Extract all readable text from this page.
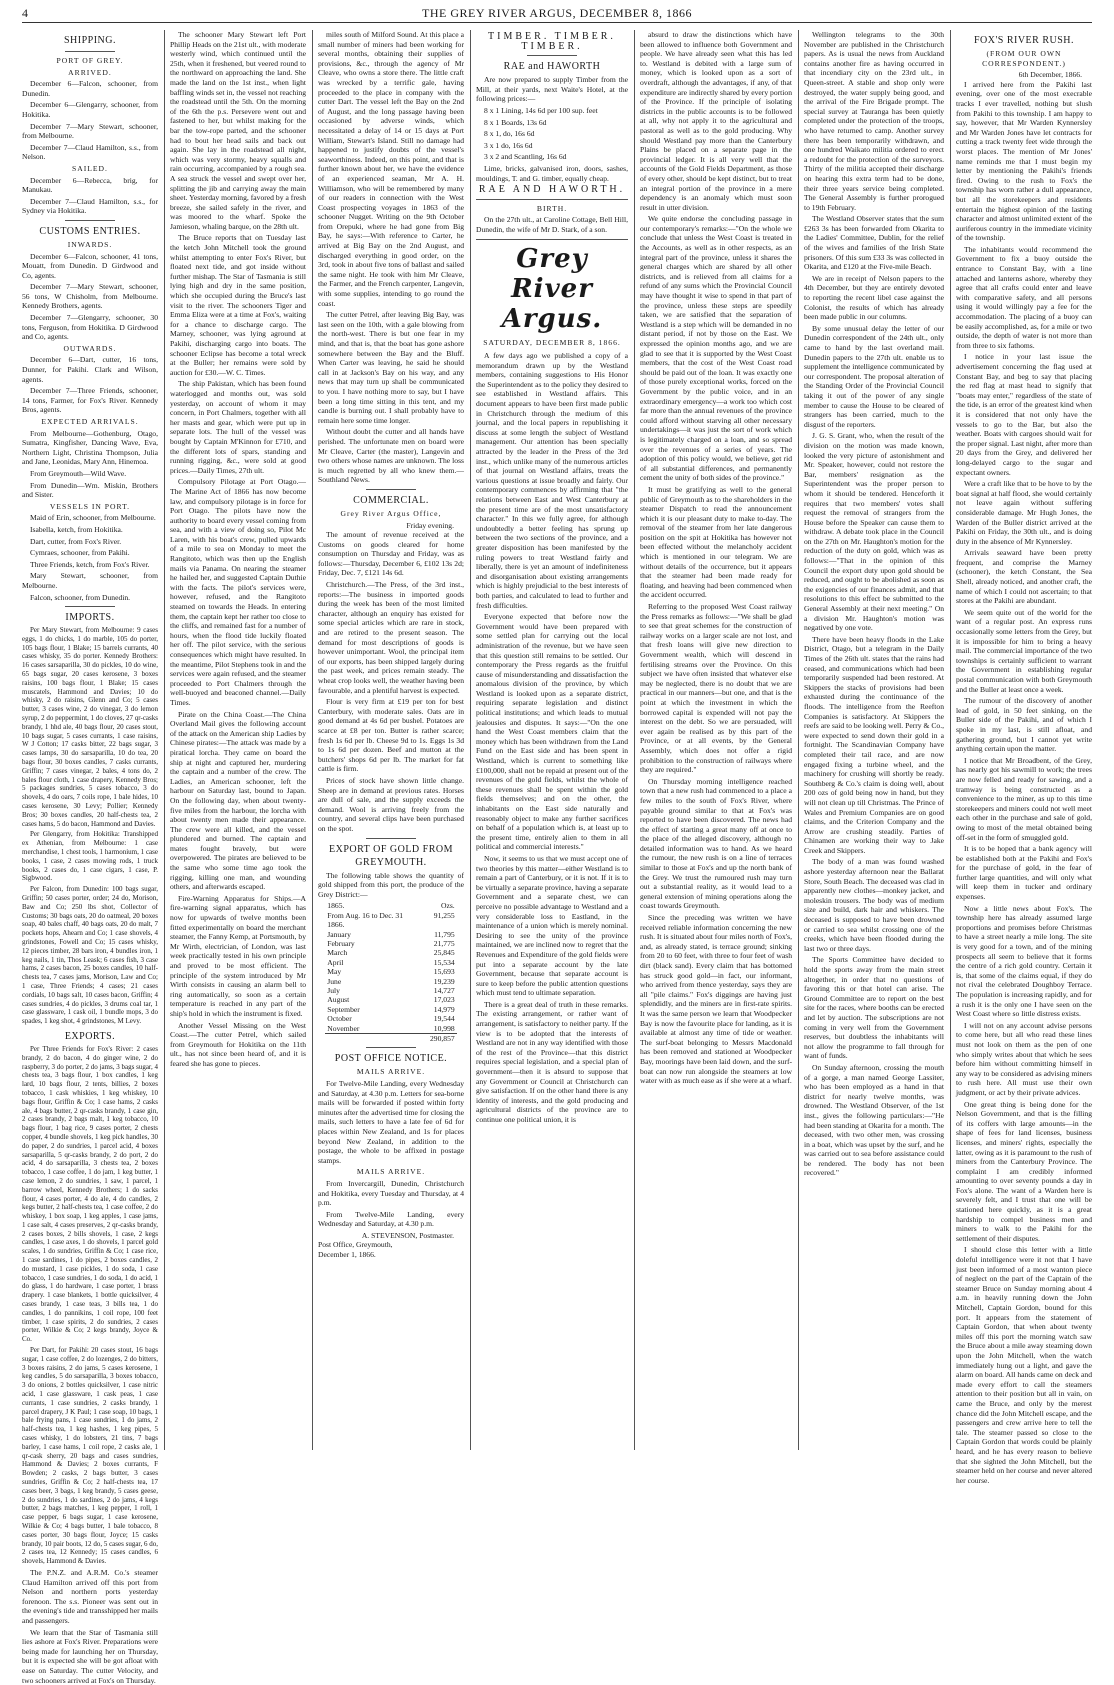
4	THE GREY RIVER ARGUS, DECEMBER 8, 1866
SHIPPING.
PORT OF GREY.
ARRIVED.

December 6—Falcon, schooner, from Dunedin.

December 6—Glengarry, schooner, from Hokitika.

December 7—Mary Stewart, schooner, from Melbourne.

December 7—Claud Hamilton, s.s., from Nelson.

SAILED.

December 6—Rebecca, brig, for Manukau.

December 7—Claud Hamilton, s.s., for Sydney via Hokitika.

CUSTOMS ENTRIES.
INWARDS.

December 6—Falcon, schooner, 41 tons, Mouatt, from Dunedin. D Girdwood and Co, agents.

December 7—Mary Stewart, schooner, 56 tons, W Chisholm, from Melbourne. Kennedy Brothers, agents.

December 7—Glengarry, schooner, 30 tons, Ferguson, from Hokitika. D Girdwood and Co, agents.

OUTWARDS.

December 6—Dart, cutter, 16 tons, Dunner, for Pakihi. Clark and Wilson, agents.

December 7—Three Friends, schooner, 14 tons, Farmer, for Fox's River. Kennedy Bros, agents.

EXPECTED ARRIVALS.

From Melbourne—Gothenburg, Otago, Sumatra, Kingfisher, Dancing Wave, Eva, Northern Light, Christina Thompson, Julia and Jane, Leonidas, Mary Ann, Hinemoa.

From Greymouth—Wild Wave.

From Dunedin—Wm. Miskin, Brothers and Sister.

VESSELS IN PORT.

Maid of Erin, schooner, from Melbourne.

Isabella, ketch, from Hokitika.

Dart, cutter, from Fox's River.

Cymraes, schooner, from Pakihi.

Three Friends, ketch, from Fox's River.

Mary Stewart, schooner, from Melbourne.

Falcon, schooner, from Dunedin.

IMPORTS.

Per Mary Stewart, from Melbourne: 9 cases eggs, 1 do chicks, 1 do marble, 105 do porter, 105 bags flour, 1 Blake; 15 barrels currants, 40 cases whisky, 35 do porter. Kennedy Brothers: 16 cases sarsaparilla, 30 do pickles, 10 do wine, 65 bags sugar, 20 cases kerosene, 3 boxes raisins, 100 bags flour, 1 Blake; 15 cases muscatels, Hammond and Davies; 10 do whisky, 2 do raisins, Glenn and Co; 5 cases butter, 3 cases wine, 2 do vinegar, 3 do lemon syrup, 2 do peppermint, 1 do cloves, 27 qr-casks brandy, 1 hhd ale, 40 bags flour, 20 cases stout, 10 bags sugar, 5 cases currants, 1 case raisins, W J Cotton; 17 casks bitter, 22 bags sugar, 3 cases lamps, 30 do sarsaparilla, 10 do tea, 20 bags flour, 30 boxes candles, 7 casks currants, Griffin; 7 cases vinegar, 2 bales, 4 tons do, 2 bales flour cloth, 1 case drapery, Kennedy Bros; 5 packages sundries, 5 cases tobacco, 3 do shovels, 4 do oars, 7 coils rope, 1 bale hides, 10 cases kerosene, 30 Levy; Pollier; Kennedy Bros; 30 boxes candles, 20 half-chests tea, 2 cases hams, 5 do bacon, Hammond and Davies.

Per Glengarry, from Hokitika: Transhipped ex Athenian, from Melbourne: 1 case merchandise, 1 chest tools, 1 harmonium, 1 case books, 1 case, 2 cases mowing rods, 1 truck books, 2 cases do, 1 case cigars, 1 case, P. Sigbwood.

Per Falcon, from Dunedin: 100 bags sugar, Griffin; 50 cases porter, order; 24 do, Morison, Baw and Co; 250 lbs shot, Collector of Customs; 30 bags oats, 20 do oatmeal, 20 boxes soap, 40 bales chaff, 40 bags oats, 20 do malt, 7 pockets hops, Ahearn and Co; 1 case shovels, 4 grindstones, Fowell and Co; 15 cases whisky, 12 pieces timber, 28 bars iron, 4 bundles iron, 1 keg nails, 1 tin, Thos Leask; 6 cases fish, 3 case hams, 2 cases bacon, 25 boxes candles, 10 half-chests tea, 7 cases jams, Morison, Law and Co; 1 case, Three Friends; 4 cases; 21 cases cordials, 10 bags salt, 10 cases bacon, Griffin; 4 cases sundries, 4 do pickles, 3 drums coal tar, 1 case glassware, 1 cask oil, 1 bundle mops, 3 do spades, 1 keg shot, 4 grindstones, M Levy.

EXPORTS.

Per Three Friends for Fox's River: 2 cases brandy, 2 do bacon, 4 do ginger wine, 2 do raspberry, 3 do porter, 2 do jams, 3 bags sugar, 4 chests tea, 3 bags flour, 1 box candles, 1 keg lard, 10 bags flour, 2 tents, billies, 2 boxes tobacco, 1 cask whiskies, 1 keg whiskey, 10 bags flour, Griffin & Co; 1 case hams, 2 casks ale, 4 bags butter, 2 qr-casks brandy, 1 case gin, 2 cases brandy, 2 bags malt, 1 keg tobacco, 10 bags flour, 1 bag rice, 9 cases porter, 2 chests copper, 4 bundle shovels, 1 keg pick handles, 30 do paper, 2 do sundries, 1 parcel acid, 4 boxes sarsaparilla, 5 qr-casks brandy, 2 do port, 2 do acid, 4 do sarsaparilla, 3 chests tea, 2 boxes tobacco, 1 case coffee, 1 do jam, 1 keg butter, 1 case lemon, 2 do sundries, 1 saw, 1 parcel, 1 barrow wheel, Kennedy Brothers; 1 do sacks flour, 4 cases porter, 4 do ale, 4 do candles, 2 kegs butter, 2 half-chests tea, 1 case coffee, 2 do whiskey, 1 box soap, 1 keg apples, 1 case jams, 1 case salt, 4 cases preserves, 2 qr-casks brandy, 2 cases boxes, 2 bills shovels, 1 case, 2 kegs candles, 1 case axes, 1 do shovels, 1 parcel gold scales, 1 do sundries, Griffin & Co; 1 case rice, 1 case sardines, 1 do pipes, 2 boxes candles, 2 do mustard, 1 case pickles, 1 do soda, 1 case tobacco, 1 case sundries, 1 do soda, 1 do acid, 1 do glass, 1 do hardware, 1 case porter, 1 brass drapery. 1 case blankets, 1 bottle quicksilver, 4 cases brandy, 1 case teas, 3 bills tea, 1 do candles, 1 do pannikins, 1 coil rope, 100 feet timber, 1 case spirits, 2 do sundries, 2 cases porter, Wilkie & Co; 2 kegs brandy, Joyce & Co.

Per Dart, for Pakihi: 20 cases stout, 16 bags sugar, 1 case coffee, 2 do lozenges, 2 do bitters, 3 boxes raisins, 2 do jams, 5 cases kerosene, 1 keg candles, 5 do sarsaparilla, 3 boxes tobacco, 3 do onions, 2 bottles quicksilver, 1 case nitric acid, 1 case glassware, 1 cask peas, 1 case currants, 1 case sundries, 2 casks brandy, 1 parcel drapery, J K Paul; 1 case soap, 10 bags, 1 bale frying pans, 1 case sundries, 1 do jams, 2 half-chests tea, 1 keg hashes, 1 keg pipes, 5 cases whisky, 1 do lobsters, 21 tins, 7 bags barley, 1 case hams, 1 coil rope, 2 casks ale, 1 qr-cask sherry, 20 bags and cases sundries, Hammond & Davies; 2 boxes currants, F Bowden; 2 casks, 2 bags butter, 3 cases sundries, Griffin & Co; 2 half-chests tea, 17 cases beer, 3 bags, 1 keg brandy, 5 cases geese, 2 do sundries, 1 do sardines, 2 do jams, 4 kegs butter, 2 bags matches, 1 keg pepper, 1 roll, 1 case pepper, 6 bags sugar, 1 case kerosene, Wilkie & Co; 4 bags butter, 1 bale tobacco, 8 cases porter, 30 bags flour, Joyce; 15 casks brandy, 10 pair boots, 12 do, 5 cases sugar, 6 do, 2 cases tea, 12 Kennedy; 15 cases candles, 6 shovels, Hammond & Davies.

The P.N.Z. and A.R.M. Co.'s steamer Claud Hamilton arrived off this port from Nelson and northern ports yesterday forenoon. The s.s. Pioneer was sent out in the evening's tide and transshipped her mails and passengers.

We learn that the Star of Tasmania still lies ashore at Fox's River. Preparations were being made for launching her on Thursday, but it is expected she will be got afloat with ease on Saturday. The cutter Velocity, and two schooners arrived at Fox's on Thursday.

The schooner Mary Stewart left Port Phillip Heads on the 21st ult., with moderate westerly wind, which continued until the 25th, when it freshened, but veered round to the northward on approaching the land. She made the land on the 1st inst., when light baffling winds set in, the vessel not reaching the roadstead until the 5th. On the morning of the 6th the p.s. Persevere went out and fastened to her, but whilst making for the bar the tow-rope parted, and the schooner had to bout her head sails and back out again. She lay in the roadstead all night, which was very stormy, heavy squalls and rain occurring, accompanied by a rough sea. A sea struck the vessel and swept over her, splitting the jib and carrying away the main sheet. Yesterday morning, favored by a fresh breeze, she sailed safely in the river, and was moored to the wharf. Spoke the Jamieson, whaling barque, on the 28th ult.

The Bruce reports that on Tuesday last the ketch John Mitchell took the ground whilst attempting to enter Fox's River, but floated next tide, and got inside without further mishap. The Star of Tasmania is still lying high and dry in the same position, which she occupied during the Bruce's last visit to the river. The schooners Tiger and Emma Eliza were at a time at Fox's, waiting for a chance to discharge cargo. The Marney, schooner, was lying aground at Pakihi, discharging cargo into boats. The schooner Eclipse has become a total wreck at the Buller; her remains were sold by auction for £30.—W. C. Times.

The ship Pakistan, which has been found waterlogged and months out, was sold yesterday, on account of whom it may concern, in Port Chalmers, together with all her masts and gear, which were put up in separate lots. The hull of the vessel was bought by Captain M'Kinnon for £710, and the different lots of spars, standing and running rigging, &c., were sold at good prices.—Daily Times, 27th ult.

Compulsory Pilotage at Port Otago.—The Marine Act of 1866 has now become law, and compulsory pilotage is in force for Port Otago. The pilots have now the authority to board every vessel coming from sea, and with a view of doing so, Pilot Mc Laren, with his boat's crew, pulled upwards of a mile to sea on Monday to meet the Rangitoto, which was then up the English mails via Panama. On nearing the steamer he hailed her, and suggested Captain Duthie with the facts. The pilot's services were, however, refused, and the Rangitoto steamed on towards the Heads. In entering them, the captain kept her rather too close to the cliffs, and remained fast for a number of hours, when the flood tide luckily floated her off. The pilot service, with the serious consequences which might have resulted. In the meantime, Pilot Stephens took in and the services were again refused, and the steamer proceeded to Port Chalmers through the well-buoyed and beaconed channel.—Daily Times.

Pirate on the China Coast.—The China Overland Mail gives the following account of the attack on the American ship Ladies by Chinese pirates:—The attack was made by a piratical lorcha. They came on board the ship at night and captured her, murdering the captain and a number of the crew. The Ladies, an American schooner, left the harbour on Saturday last, bound to Japan. On the following day, when about twenty-five miles from the harbour, the lorcha with about twenty men made their appearance. The crew were all killed, and the vessel plundered and burned. The captain and mates fought bravely, but were overpowered. The pirates are believed to be the same who some time ago took the rigging, killing one man, and wounding others, and afterwards escaped.

Fire-Warning Apparatus for Ships.—A fire-warning signal apparatus, which has now for upwards of twelve months been fitted experimentally on board the merchant steamer, the Fanny Kemp, at Portsmouth, by Mr Wirth, electrician, of London, was last week practically tested in his own principle and proved to be most efficient. The principle of the system introduced by Mr Wirth consists in causing an alarm bell to ring automatically, so soon as a certain temperature is reached in any part of the ship's hold in which the instrument is fixed.

Another Vessel Missing on the West Coast.—The cutter Petrel, which sailed from Greymouth for Hokitika on the 11th ult., has not since been heard of, and it is feared she has gone to pieces.

miles south of Milford Sound. At this place a small number of miners had been working for several months, obtaining their supplies of provisions, &c., through the agency of Mr Cleave, who owns a store there. The little craft was wrecked by a terrific gale, having proceeded to the place in company with the cutter Dart. The vessel left the Bay on the 2nd of August, and the long passage having been occasioned by adverse winds, which necessitated a delay of 14 or 15 days at Port William, Stewart's Island. Still no damage had happened to justify doubts of the vessel's seaworthiness. Indeed, on this point, and that is further known about her, we have the evidence of an experienced seaman, Mr A. H. Williamson, who will be remembered by many of our readers in connection with the West Coast prospecting voyages in 1863 of the schooner Nugget. Writing on the 9th October from Orepuki, where he had gone from Big Bay, he says:—With reference to Carter, he arrived at Big Bay on the 2nd August, and discharged everything in good order, on the 3rd, took in about five tons of ballast and sailed the same night. He took with him Mr Cleave, the Farmer, and the French carpenter, Langevin, with some supplies, intending to go round the coast.

The cutter Petrel, after leaving Big Bay, was last seen on the 10th, with a gale blowing from the north-west. There is but one fear in my mind, and that is, that the boat has gone ashore somewhere between the Bay and the Bluff. When Carter was leaving, he said he should call in at Jackson's Bay on his way, and any news that may turn up shall be communicated to you. I have nothing more to say, but I have been a long time sitting in this tent, and my candle is burning out. I shall probably have to remain here some time longer.

Without doubt the cutter and all hands have perished. The unfortunate men on board were Mr Cleave, Carter (the master), Langevin and two others whose names are unknown. The loss is much regretted by all who knew them.—Southland News.

COMMERCIAL.
Grey River Argus Office,
Friday evening.

The amount of revenue received at the Customs on goods cleared for home consumption on Thursday and Friday, was as follows:—Thursday, December 6, £102 13s 2d; Friday, Dec. 7, £121 14s 6d.

Christchurch.—The Press, of the 3rd inst., reports:—The business in imported goods during the week has been of the most limited character, although an enquiry has existed for some special articles which are rare in stock, and are retired to the present season. The demand for most descriptions of goods is however unimportant. Wool, the principal item of our exports, has been shipped largely during the past week, and prices remain steady. The wheat crop looks well, the weather having been favourable, and a plentiful harvest is expected.

Flour is very firm at £19 per ton for best Canterbury, with moderate sales. Oats are in good demand at 4s 6d per bushel. Potatoes are scarce at £8 per ton. Butter is rather scarce; fresh 1s 6d per lb. Cheese 9d to 1s. Eggs 1s 3d to 1s 6d per dozen. Beef and mutton at the butchers' shops 6d per lb. The market for fat cattle is firm.

Prices of stock have shown little change. Sheep are in demand at previous rates. Horses are dull of sale, and the supply exceeds the demand. Wool is arriving freely from the country, and several clips have been purchased on the spot.

EXPORT OF GOLD FROM GREYMOUTH.

The following table shows the quantity of gold shipped from this port, the produce of the Grey District:—

1865.	Ozs.
From Aug. 16 to Dec. 31	91,255
1866.	
January	11,795
February	21,775
March	25,845
April	15,534
May	15,693
June	19,239
July	14,727
August	17,023
September	14,979
October	19,544
November	10,998
	290,857
POST OFFICE NOTICE.
MAILS ARRIVE.

For Twelve-Mile Landing, every Wednesday and Saturday, at 4.30 p.m. Letters for sea-borne mails will be forwarded if posted within forty minutes after the advertised time for closing the mails, such letters to have a late fee of 6d for places within New Zealand, and 1s for places beyond New Zealand, in addition to the postage, the whole to be affixed in postage stamps.

MAILS ARRIVE.

From Invercargill, Dunedin, Christchurch and Hokitika, every Tuesday and Thursday, at 4 p.m.

From Twelve-Mile Landing, every Wednesday and Saturday, at 4.30 p.m.

A. STEVENSON, Postmaster.
Post Office, Greymouth,
December 1, 1866.
TIMBER. TIMBER. TIMBER.
RAE and HAWORTH

Are now prepared to supply Timber from the Mill, at their yards, next Waite's Hotel, at the following prices:—

8 x 1 Lining, 14s 6d per 100 sup. feet

8 x 1 Boards, 13s 6d

8 x 1, do, 16s 6d

3 x 1 do, 16s 6d

3 x 2 and Scantling, 16s 6d

Lime, bricks, galvanised iron, doors, sashes, mouldings, T. and G. timber, equally cheap.

RAE AND HAWORTH.
BIRTH.

On the 27th ult., at Caroline Cottage, Bell Hill, Dunedin, the wife of Mr D. Stark, of a son.

Grey River Argus.
SATURDAY, DECEMBER 8, 1866.

A few days ago we published a copy of a memorandum drawn up by the Westland members, containing suggestions to His Honor the Superintendent as to the policy they desired to see established in Westland affairs. This document appears to have been first made public in Christchurch through the medium of this journal, and the local papers in republishing it discuss at some length the subject of Westland management. Our attention has been specially attracted by the leader in the Press of the 3rd inst., which unlike many of the numerous articles of that journal on Westland affairs, treats the various questions at issue broadly and fairly. Our contemporary commences by affirming that "the relations between East and West Canterbury at the present time are of the most unsatisfactory character." In this we fully agree, for although undoubtedly a better feeling has sprung up between the two sections of the province, and a greater disposition has been manifested by the ruling powers to treat Westland fairly and liberally, there is yet an amount of indefiniteness and disorganisation about existing arrangements which is highly prejudicial to the best interests of both parties, and calculated to lead to further and fresh difficulties.

Everyone expected that before now the Government would have been prepared with some settled plan for carrying out the local administration of the revenue, but we have seen that this question still remains to be settled. Our contemporary the Press regards as the fruitful cause of misunderstanding and dissatisfaction the anomalous division of the province, by which Westland is looked upon as a separate district, requiring separate legislation and distinct political institutions; and which leads to mutual jealousies and disputes. It says:—"On the one hand the West Coast members claim that the money which has been withdrawn from the Land Fund on the East side and has been spent in Westland, which is current to something like £100,000, shall not be repaid at present out of the revenues of the gold fields, whilst the whole of these revenues shall be spent within the gold fields themselves; and on the other, the inhabitants on the East side naturally and reasonably object to make any further sacrifices on behalf of a population which is, at least up to the present time, entirely alien to them in all political and commercial interests."

Now, it seems to us that we must accept one of two theories by this matter—either Westland is to remain a part of Canterbury, or it is not. If it is to be virtually a separate province, having a separate Government and a separate chest, we can perceive no possible advantage to Westland and a very considerable loss to Eastland, in the maintenance of a union which is merely nominal. Desiring to see the unity of the province maintained, we are inclined now to regret that the Revenues and Expenditure of the gold fields were put into a separate account by the late Government, because that separate account is sure to keep before the public attention questions which must tend to ultimate separation.

There is a great deal of truth in these remarks. The existing arrangement, or rather want of arrangement, is satisfactory to neither party. If the view is to be adopted that the interests of Westland are not in any way identified with those of the rest of the Province—that this district requires special legislation, and a special plan of government—then it is absurd to suppose that any Government or Council at Christchurch can give satisfaction. If on the other hand there is any identity of interests, and the gold producing and agricultural districts of the province are to continue one political union, it is

absurd to draw the distinctions which have been allowed to influence both Government and people. We have already seen what this has led to. Westland is debited with a large sum of money, which is looked upon as a sort of overdraft, although the advantages, if any, of that expenditure are indirectly shared by every portion of the Province. If the principle of isolating districts in the public accounts is to be followed at all, why not apply it to the agricultural and pastoral as well as to the gold producing. Why should Westland pay more than the Canterbury Plains be placed on a separate page in the provincial ledger. It is all very well that the accounts of the Gold Fields Department, as those of every other, should be kept distinct, but to treat an integral portion of the province in a mere dependency is an anomaly which must soon result in utter division.

We quite endorse the concluding passage in our contemporary's remarks:—"On the whole we conclude that unless the West Coast is treated in the Accounts, as well as in other respects, as an integral part of the province, unless it shares the general charges which are shared by all other districts, and is relieved from all claims for a refund of any sums which the Provincial Council may have thought it wise to spend in that part of the province, unless these steps are speedily taken, we are satisfied that the separation of Westland is a step which will be demanded in no distant period, if not by those on the East. We expressed the opinion months ago, and we are glad to see that it is supported by the West Coast members, that the cost of the West Coast road should be paid out of the loan. It was exactly one of those purely exceptional works, forced on the Government by the public voice, and in an extraordinary emergency—a work too which cost far more than the annual revenues of the province could afford without starving all other necessary undertakings—it was just the sort of work which is legitimately charged on a loan, and so spread over the revenues of a series of years. The adoption of this policy would, we believe, get rid of all substantial differences, and permanently cement the unity of both sides of the province."

It must be gratifying as well to the general public of Greymouth as to the shareholders in the steamer Dispatch to read the announcement which it is our pleasant duty to make to-day. The removal of the steamer from her late dangerous position on the spit at Hokitika has however not been effected without the melancholy accident which is mentioned in our telegram. We are without details of the occurrence, but it appears that the steamer had been made ready for floating, and heaving had been commenced when the accident occurred.

Referring to the proposed West Coast railway the Press remarks as follows:—"We shall be glad to see that great schemes for the construction of railway works on a larger scale are not lost, and that fresh loans will give new direction to Government wealth, which will descend in fertilising streams over the Province. On this subject we have often insisted that whatever else may be neglected, there is no doubt that we are practical in our manners—but one, and that is the point at which the investment in which the borrowed capital is expended will not pay the interest on the debt. So we are persuaded, will ever again be realised as by this part of the Province, or at all events, by the General Assembly, which does not offer a rigid prohibition to the construction of railways where they are required."

On Thursday morning intelligence reached town that a new rush had commenced to a place a few miles to the south of Fox's River, where payable ground similar to that at Fox's was reported to have been discovered. The news had the effect of starting a great many off at once to the place of the alleged discovery, although no detailed information was to hand. As we heard the rumour, the new rush is on a line of terraces similar to those at Fox's and up the north bank of the Grey. We trust the rumoured rush may turn out a substantial reality, as it would lead to a general extension of mining operations along the coast towards Greymouth.

Since the preceding was written we have received reliable information concerning the new rush. It is situated about four miles north of Fox's, and, as already stated, is terrace ground; sinking from 20 to 60 feet, with three to four feet of wash dirt (black sand). Every claim that has bottomed has struck good gold—in fact, our informant, who arrived from thence yesterday, says they are all "pile claims." Fox's diggings are having just splendidly, and the miners are in first-rate spirits. It was the same person we learn that Woodpecker Bay is now the favourite place for landing, as it is available at almost any time of tide or weather. The surf-boat belonging to Messrs Macdonald has been removed and stationed at Woodpecker Bay, moorings have been laid down, and the surf-boat can now run alongside the steamers at low water with as much ease as if she were at a wharf.

Wellington telegrams to the 30th November are published in the Christchurch papers. As is usual the news from Auckland contains another fire as having occurred in that incendiary city on the 23rd ult., in Queen-street. A stable and shop only were destroyed, the water supply being good, and the arrival of the Fire Brigade prompt. The special survey at Tauranga has been quietly completed under the protection of the troops, who have returned to camp. Another survey there has been temporarily withdrawn, and one hundred Waikato militia ordered to erect a redoubt for the protection of the surveyors. Thirty of the militia accepted their discharge on hearing this extra term had to be done, their three years service being completed. The General Assembly is further prorogued to 19th February.

The Westland Observer states that the sum £263 3s has been forwarded from Okarita to the Ladies' Committee, Dublin, for the relief of the wives and families of the Irish State prisoners. Of this sum £33 3s was collected in Okarita, and £120 at the Five-mile Beach.

We are in receipt of Nelson papers to the 4th December, but they are entirely devoted to reporting the recent libel case against the Colonist, the results of which has already been made public in our columns.

By some unusual delay the letter of our Dunedin correspondent of the 24th ult., only came to hand by the last overland mail. Dunedin papers to the 27th ult. enable us to supplement the intelligence communicated by our correspondent. The proposal alteration of the Standing Order of the Provincial Council taking it out of the power of any single member to cause the House to be cleared of strangers has been carried, much to the disgust of the reporters.

J. G. S. Grant, who, when the result of the division on the motion was made known, looked the very picture of astonishment and Mr. Speaker, however, could not restore the Bar, members' resignation as the Superintendent was the proper person to whom it should be tendered. Henceforth it requires that two members' votes shall request the removal of strangers from the House before the Speaker can cause them to withdraw. A debate took place in the Council on the 27th on Mr. Haughton's motion for the reduction of the duty on gold, which was as follows:—"That in the opinion of this Council the export duty upon gold should be reduced, and ought to be abolished as soon as the exigencies of our finances admit, and that resolutions to this effect be submitted to the General Assembly at their next meeting." On a division Mr. Haughton's motion was negatived by one vote.

There have been heavy floods in the Lake District, Otago, but a telegram in the Daily Times of the 26th ult. states that the rains had ceased, and communications which had been temporarily suspended had been restored. At Skippers the stacks of provisions had been exhausted during the continuance of the floods. The intelligence from the Reefton Companies is satisfactory. At Skippers the reefs are said to be looking well. Perry & Co., were expected to send down their gold in a fortnight. The Scandinavian Company have completed their tail race, and are now engaged fixing a turbine wheel, and the machinery for crushing will shortly be ready. Southberg & Co.'s claim is doing well, about 200 ozs of gold being now in hand, but they will not clean up till Christmas. The Prince of Wales and Premium Companies are on good claims, and the Criterion Company and the Arrow are crushing steadily. Parties of Chinamen are working their way to Jake Creek and Skippers.

The body of a man was found washed ashore yesterday afternoon near the Ballarat Store, South Beach. The deceased was clad in apparently new clothes—monkey jacket, and moleskin trousers. The body was of medium size and build, dark hair and whiskers. The deceased is supposed to have been drowned or carried to sea whilst crossing one of the creeks, which have been flooded during the last two or three days.

The Sports Committee have decided to hold the sports away from the main street altogether, in order that no questions of favoring this or that hotel can arise. The Ground Committee are to report on the best site for the races, where booths can be erected and let by auction. The subscriptions are not coming in very well from the Government reserves, but doubtless the inhabitants will not allow the programme to fall through for want of funds.

On Sunday afternoon, crossing the mouth of a gorge, a man named George Lassiter, who has been employed as a hand in that district for nearly twelve months, was drowned. The Westland Observer, of the 1st inst., gives the following particulars:—"He had been standing at Okarita for a month. The deceased, with two other men, was crossing in a boat, which was upset by the surf, and he was carried out to sea before assistance could be rendered. The body has not been recovered."

FOX'S RIVER RUSH.
(FROM OUR OWN CORRESPONDENT.)
6th December, 1866.

I arrived here from the Pakihi last evening, over one of the most execrable tracks I ever travelled, nothing but slush from Pakihi to this township. I am happy to say, however, that Mr Warden Kynnersley and Mr Warden Jones have let contracts for cutting a track twenty feet wide through the worst places. The mention of Mr Jones' name reminds me that I must begin my letter by mentioning the Pakihi's friends fired. Owing to the rush to Fox's the township has worn rather a dull appearance, but all the storekeepers and residents entertain the highest opinion of the lasting character and almost unlimited extent of the auriferous country in the immediate vicinity of the township.

The inhabitants would recommend the Government to fix a buoy outside the entrance to Constant Bay, with a line attached and lanterns ashore, whereby they agree that all crafts could enter and leave with comparative safety, and all persons using it would willingly pay a fee for the accommodation. The placing of a buoy can be easily accomplished, as, for a mile or two outside, the depth of water is not more than from three to six fathoms.

I notice in your last issue the advertisement concerning the flag used at Constant Bay, and beg to say that placing the red flag at mast head to signify that "boats may enter," regardless of the state of the tide, is an error of the greatest kind when it is considered that not only have the vessels to go to the Bar, but also the weather. Boats with cargoes should wait for the proper signal. Last night, after more than 20 days from the Grey, and delivered her long-delayed cargo to the sugar and expectant owners.

Were a craft like that to be hove to by the boat signal at half flood, she would certainly not leave again without suffering considerable damage. Mr Hugh Jones, the Warden of the Buller district arrived at the Pakihi on Friday, the 30th ult., and is doing duty in the absence of Mr Kynnersley.

Arrivals seaward have been pretty frequent, and comprise the Marney (schooner), the ketch Constant, the Sea Shell, already noticed, and another craft, the name of which I could not ascertain; to that stores at the Pakihi are abundant.

We seem quite out of the world for the want of a regular post. An express runs occasionally some letters from the Grey, but it is impossible for him to bring a heavy mail. The commercial importance of the two townships is certainly sufficient to warrant the Government in establishing regular postal communication with both Greymouth and the Buller at least once a week.

The rumour of the discovery of another lead of gold, in 50 feet sinking, on the Buller side of the Pakihi, and of which I spoke in my last, is still afloat, and gathering ground, but I cannot yet write anything certain upon the matter.

I notice that Mr Broadbent, of the Grey, has nearly got his sawmill to work; the trees are now felled and ready for sawing, and a tramway is being constructed as a convenience to the miner, as up to this time storekeepers and miners could not well meet each other in the purchase and sale of gold, owing to most of the metal obtained being off-set in the form of smuggled gold.

It is to be hoped that a bank agency will be established both at the Pakihi and Fox's for the purchase of gold, in the fear of further large quantities, and will only what will keep them in tucker and ordinary expenses.

Now a little news about Fox's. The township here has already assumed large proportions and promises before Christmas to have a street nearly a mile long. The site is very good for a town, and of the mining prospects all seem to believe that it forms the centre of a rich gold country. Certain it is, that some of the claims equal, if they do not rival the celebrated Doughboy Terrace. The population is increasing rapidly, and for a rush it is the only one I have seen on the West Coast where so little distress exists.

I will not on any account advise persons to come here, but all who read these lines must not look on them as the pen of one who simply writes about that which he sees before him without committing himself in any way to be considered as advising miners to rush here. All must use their own judgment, or act by their private advices.

One great thing is being done for the Nelson Government, and that is the filling of its coffers with large amounts—in the shape of fees for land licenses, business licenses, and miners' rights, especially the latter, owing as it is paramount to the rush of miners from the Canterbury Province. The complaint I am credibly informed amounting to over seventy pounds a day in Fox's alone. The want of a Warden here is severely felt, and I trust that one will be stationed here quickly, as it is a great hardship to compel business men and miners to walk to the Pakihi for the settlement of their disputes.

I should close this letter with a little doleful intelligence were it not that I have just been informed of a most wanton piece of neglect on the part of the Captain of the steamer Bruce on Sunday morning about 4 a.m. in heavily running down the John Mitchell, Captain Gordon, bound for this port. It appears from the statement of Captain Gordon, that when about twenty miles off this port the morning watch saw the Bruce about a mile away steaming down upon the John Mitchell, when the watch immediately hung out a light, and gave the alarm on board. All hands came on deck and made every effort to call the steamers attention to their position but all in vain, on came the Bruce, and only by the merest chance did the John Mitchell escape, and the passengers and crew arrive here to tell the tale. The steamer passed so close to the Captain Gordon that words could be plainly heard, and he has every reason to believe that she sighted the John Mitchell, but the steamer held on her course and never altered her course.
